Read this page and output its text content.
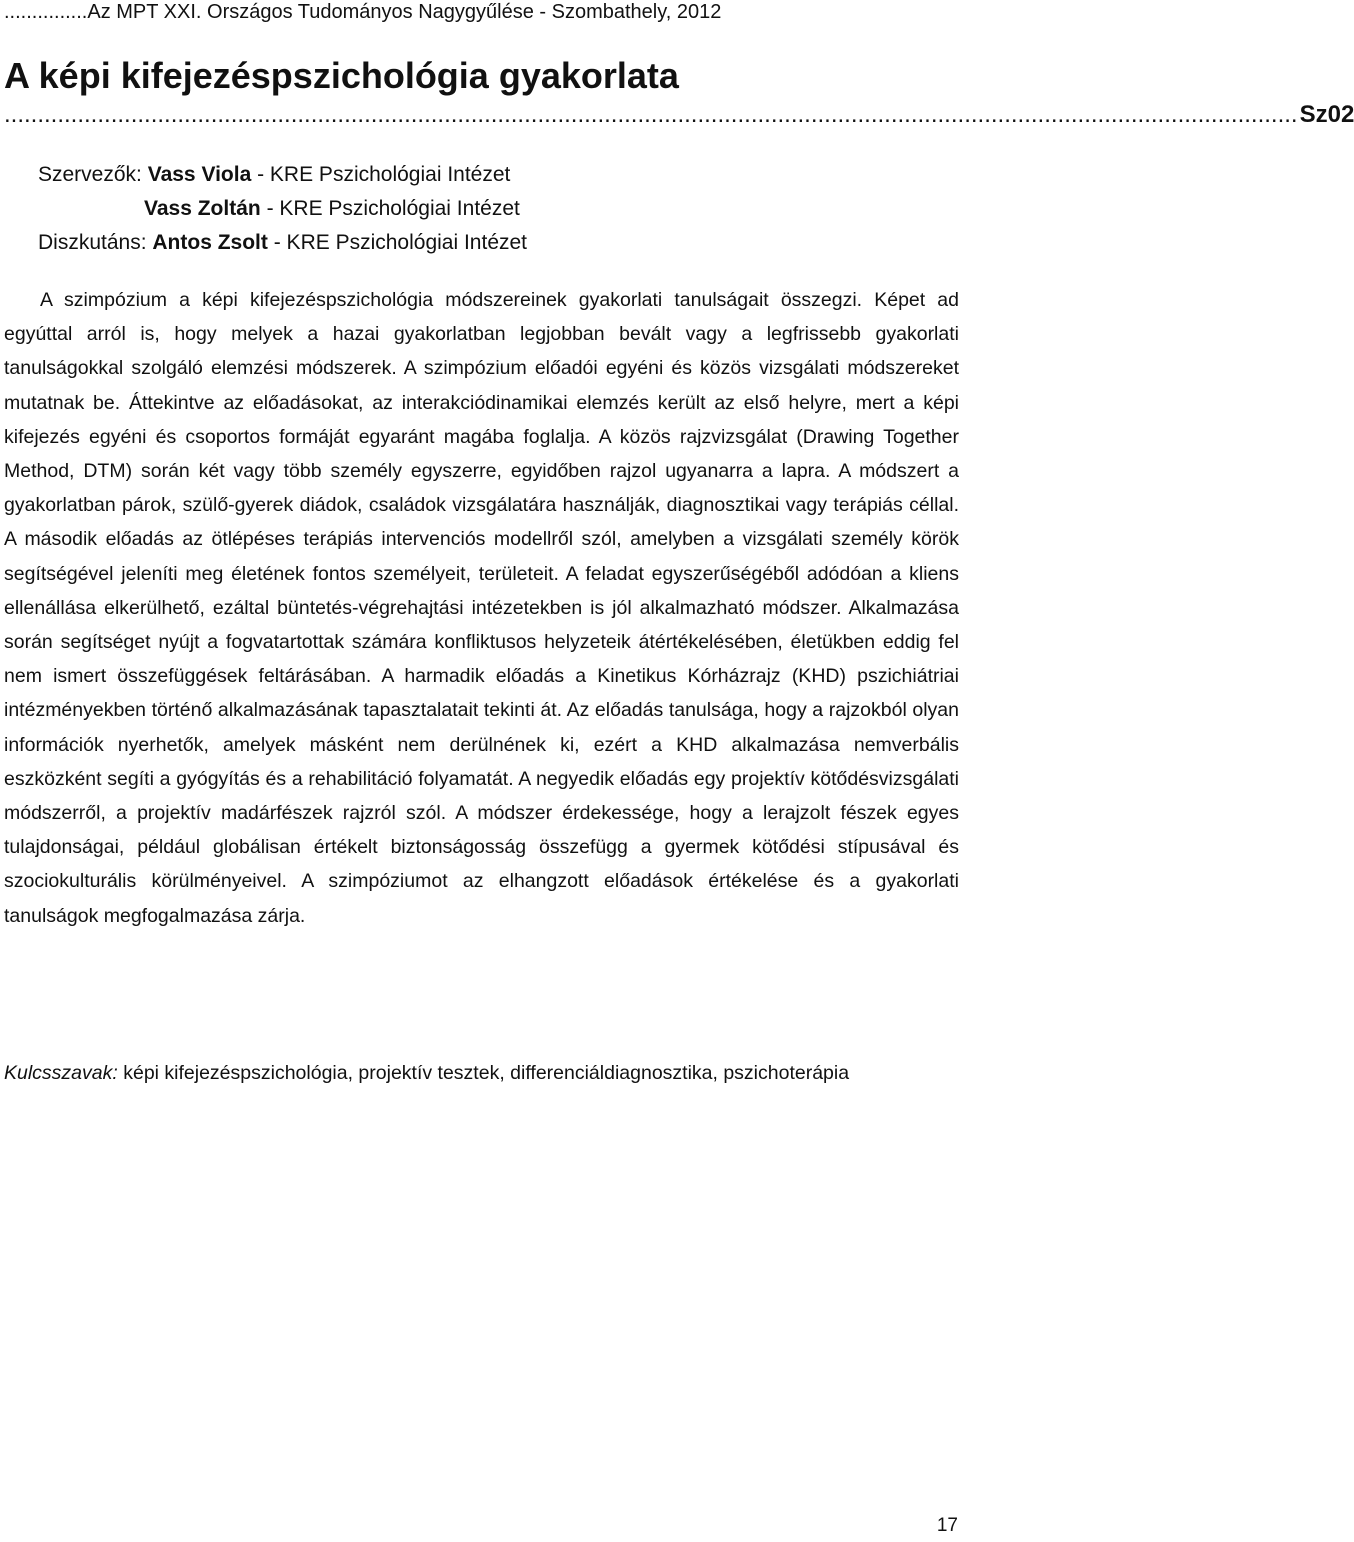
...............Az MPT XXI. Országos Tudományos Nagygyűlése - Szombathely, 2012
A képi kifejezéspszichológia gyakorlata
.................................................................................................................................................................................................. Sz02
Szervezők: Vass Viola - KRE Pszichológiai Intézet
Vass Zoltán - KRE Pszichológiai Intézet
Diszkutáns: Antos Zsolt - KRE Pszichológiai Intézet

A szimpózium a képi kifejezéspszichológia módszereinek gyakorlati tanulságait összegzi. Képet ad egyúttal arról is, hogy melyek a hazai gyakorlatban legjobban bevált vagy a legfrissebb gyakorlati tanulságokkal szolgáló elemzési módszerek. A szimpózium előadói egyéni és közös vizsgálati módszereket mutatnak be. Áttekintve az előadásokat, az interakciódinamikai elemzés került az első helyre, mert a képi kifejezés egyéni és csoportos formáját egyaránt magába foglalja. A közös rajzvizsgálat (Drawing Together Method, DTM) során két vagy több személy egyszerre, egyidőben rajzol ugyanarra a lapra. A módszert a gyakorlatban párok, szülő-gyerek diádok, családok vizsgálatára használják, diagnosztikai vagy terápiás céllal. A második előadás az ötlépéses terápiás intervenciós modellről szól, amelyben a vizsgálati személy körök segítségével jeleníti meg életének fontos személyeit, területeit. A feladat egyszerűségéből adódóan a kliens ellenállása elkerülhető, ezáltal büntetés-végrehajtási intézetekben is jól alkalmazható módszer. Alkalmazása során segítséget nyújt a fogvatartottak számára konfliktusos helyzeteik átértékelésében, életükben eddig fel nem ismert összefüggések feltárásában. A harmadik előadás a Kinetikus Kórházrajz (KHD) pszichiátriai intézményekben történő alkalmazásának tapasztalatait tekinti át. Az előadás tanulsága, hogy a rajzokból olyan információk nyerhetők, amelyek másként nem derülnének ki, ezért a KHD alkalmazása nemverbális eszközként segíti a gyógyítás és a rehabilitáció folyamatát. A negyedik előadás egy projektív kötődésvizsgálati módszerről, a projektív madárfészek rajzról szól. A módszer érdekessége, hogy a lerajzolt fészek egyes tulajdonságai, például globálisan értékelt biztonságosság összefügg a gyermek kötődési stípusával és szociokulturális körülményeivel. A szimpóziumot az elhangzott előadások értékelése és a gyakorlati tanulságok megfogalmazása zárja.

Kulcsszavak: képi kifejezéspszichológia, projektív tesztek, differenciáldiagnosztika, pszichoterápia

17
